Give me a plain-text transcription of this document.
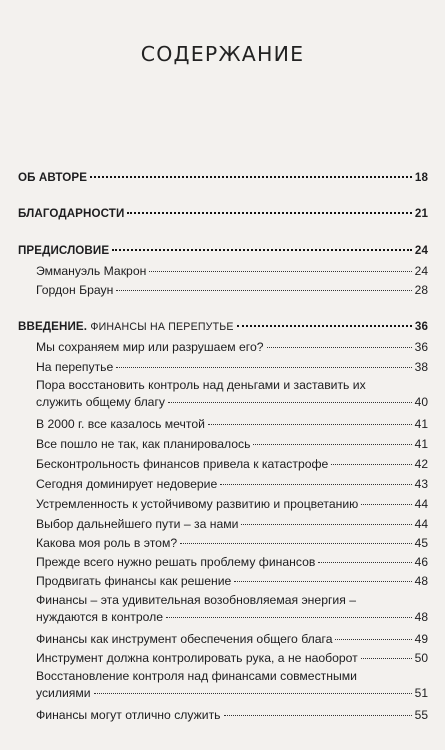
СОДЕРЖАНИЕ
ОБ АВТОРЕ	18
БЛАГОДАРНОСТИ	21
ПРЕДИСЛОВИЕ	24
Эммануэль Макрон	24
Гордон Браун	28
ВВЕДЕНИЕ. ФИНАНСЫ НА ПЕРЕПУТЬЕ	36
Мы сохраняем мир или разрушаем его?	36
На перепутье	38
Пора восстановить контроль над деньгами и заставить их
служить общему благу	40
В 2000 г. все казалось мечтой	41
Все пошло не так, как планировалось	41
Бесконтрольность финансов привела к катастрофе	42
Сегодня доминирует недоверие	43
Устремленность к устойчивому развитию и процветанию	44
Выбор дальнейшего пути – за нами	44
Какова моя роль в этом?	45
Прежде всего нужно решать проблему финансов	46
Продвигать финансы как решение	48
Финансы – эта удивительная возобновляемая энергия –
нуждаются в контроле	48
Финансы как инструмент обеспечения общего блага	49
Инструмент должна контролировать рука, а не наоборот	50
Восстановление контроля над финансами совместными
усилиями	51
Финансы могут отлично служить	55
